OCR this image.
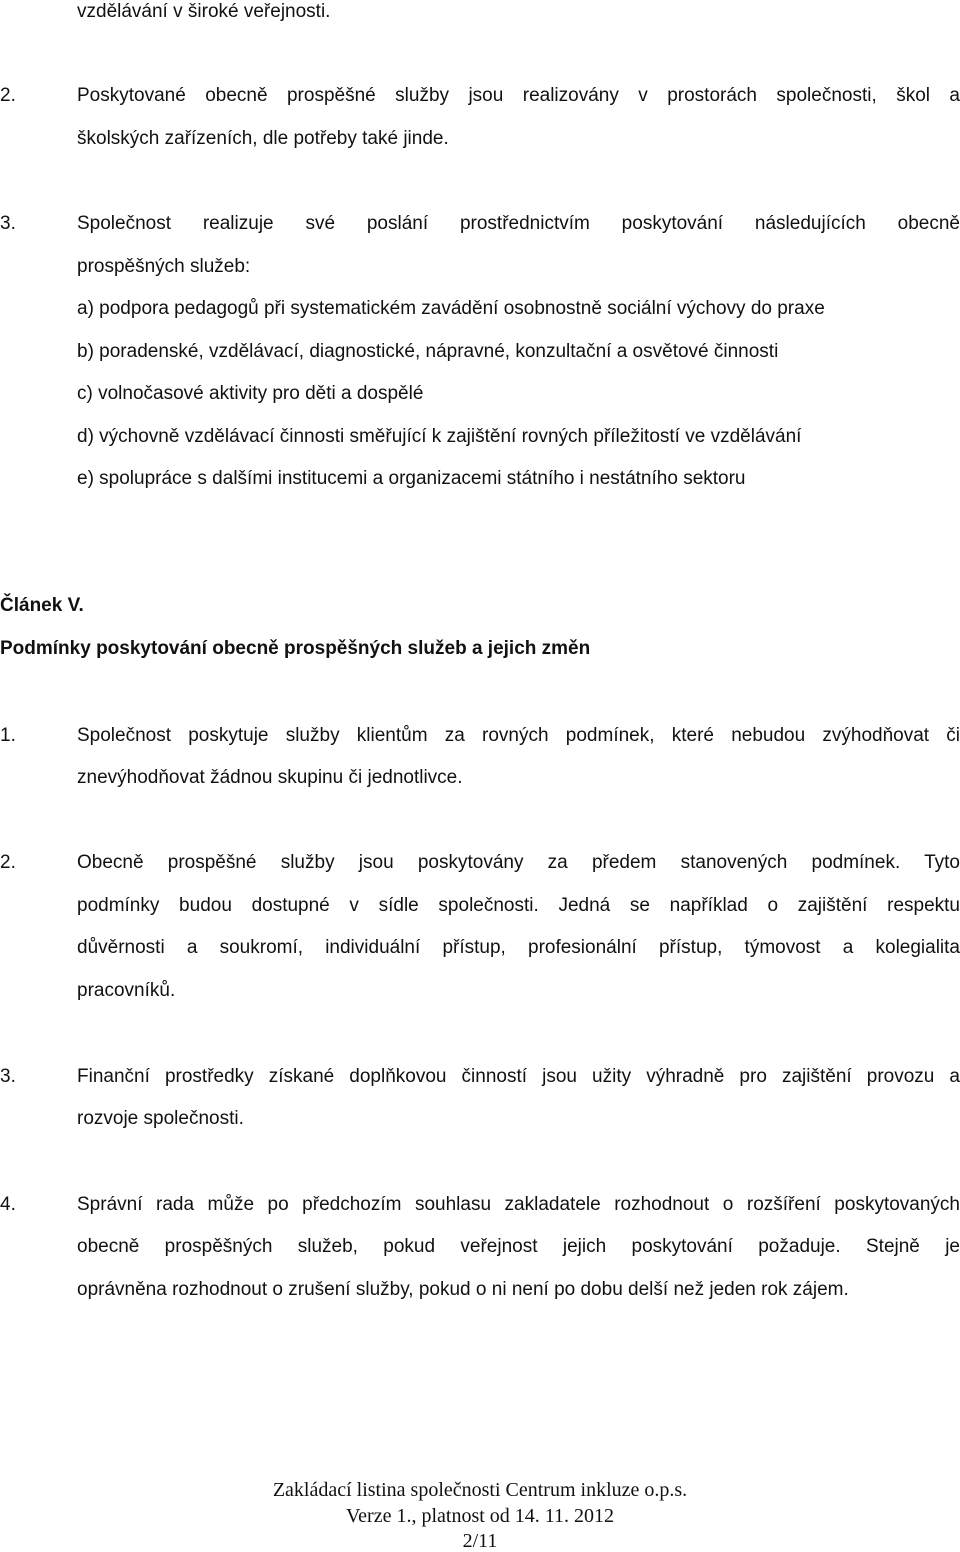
vzdělávání v široké veřejnosti.
2.	Poskytované obecně prospěšné služby jsou realizovány v prostorách společnosti, škol a
školských zařízeních, dle potřeby také jinde.
3.	Společnost realizuje své poslání prostřednictvím poskytování následujících obecně
prospěšných služeb:
a) podpora pedagogů při systematickém zavádění osobnostně sociální výchovy do praxe
b) poradenské, vzdělávací, diagnostické, nápravné, konzultační a osvětové činnosti
c) volnočasové aktivity pro děti a dospělé
d) výchovně vzdělávací činnosti směřující k zajištění rovných příležitostí ve vzdělávání
e) spolupráce s dalšími institucemi a organizacemi státního i nestátního sektoru
Článek V.
Podmínky poskytování obecně prospěšných služeb a jejich změn
1.	Společnost poskytuje služby klientům za rovných podmínek, které nebudou zvýhodňovat či
znevýhodňovat žádnou skupinu či jednotlivce.
2.	Obecně prospěšné služby jsou poskytovány za předem stanovených podmínek. Tyto
podmínky budou dostupné v sídle společnosti. Jedná se například o zajištění respektu
důvěrnosti a soukromí, individuální přístup, profesionální přístup, týmovost a kolegialita
pracovníků.
3.	Finanční prostředky získané doplňkovou činností jsou užity výhradně pro zajištění provozu a
rozvoje společnosti.
4.	Správní rada může po předchozím souhlasu zakladatele rozhodnout o rozšíření poskytovaných
obecně prospěšných služeb, pokud veřejnost jejich poskytování požaduje. Stejně je
oprávněna rozhodnout o zrušení služby, pokud o ni není po dobu delší než jeden rok zájem.
Zakládací listina společnosti Centrum inkluze o.p.s.
Verze 1., platnost od 14. 11. 2012
2/11
